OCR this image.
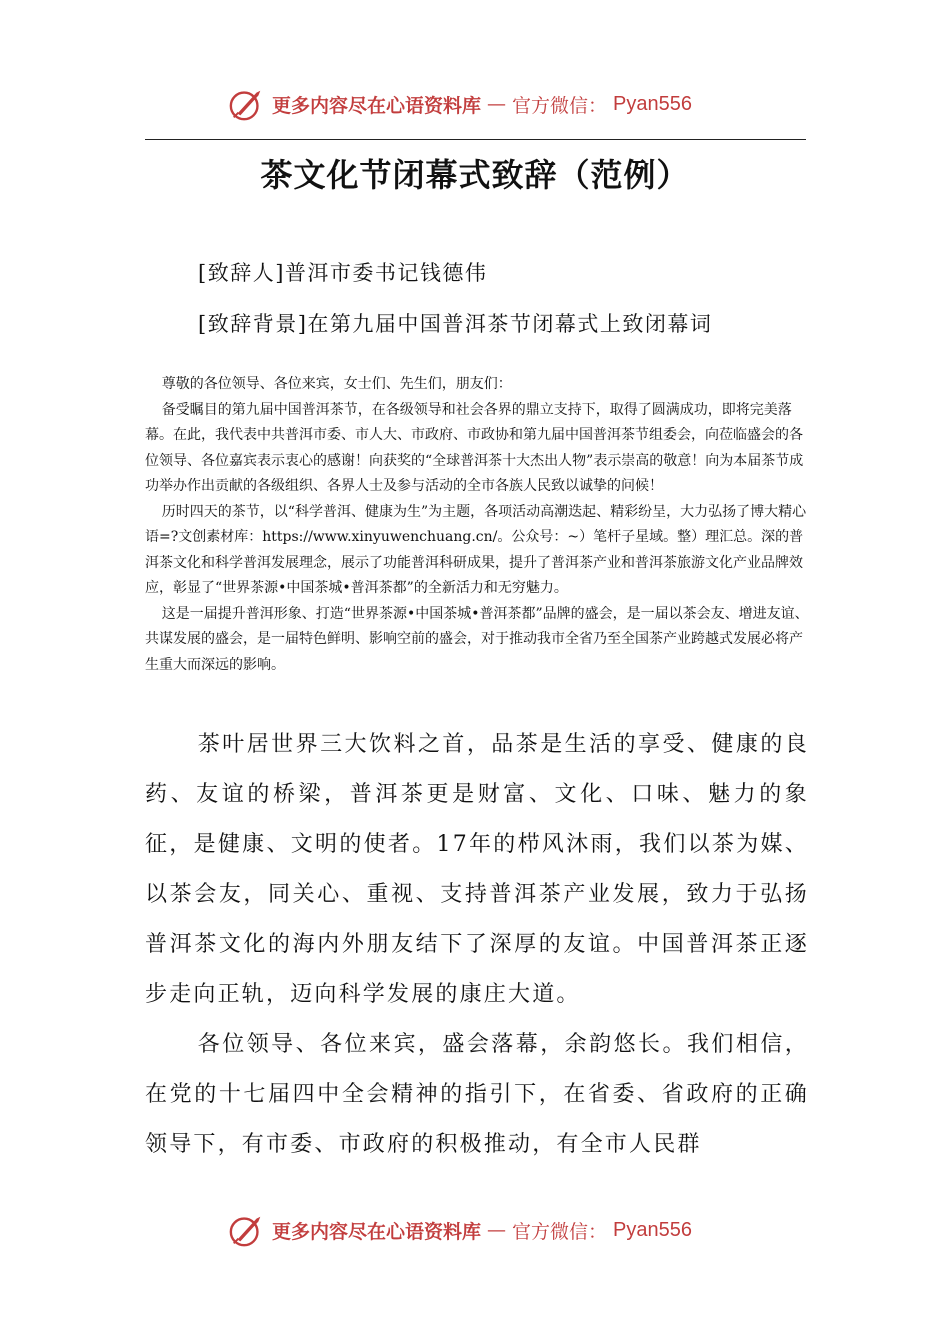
更多内容尽在心语资料库 — 官方微信： Pyan556
茶文化节闭幕式致辞（范例）
[致辞人]普洱市委书记钱德伟
[致辞背景]在第九届中国普洱茶节闭幕式上致闭幕词

尊敬的各位领导、各位来宾，女士们、先生们，朋友们：

备受瞩目的第九届中国普洱茶节，在各级领导和社会各界的鼎立支持下，取得了圆满成功，即将完美落幕。在此，我代表中共普洱市委、市人大、市政府、市政协和第九届中国普洱茶节组委会，向莅临盛会的各位领导、各位嘉宾表示衷心的感谢！向获奖的“全球普洱茶十大杰出人物”表示崇高的敬意！向为本届茶节成功举办作出贡献的各级组织、各界人士及参与活动的全市各族人民致以诚挚的问候！

历时四天的茶节，以“科学普洱、健康为生”为主题，各项活动高潮迭起、精彩纷呈，大力弘扬了博大精心语=?文创素材库：https://www.xinyuwenchuang.cn/。公众号：~）笔杆子星域。整）理汇总。深的普洱茶文化和科学普洱发展理念，展示了功能普洱科研成果，提升了普洱茶产业和普洱茶旅游文化产业品牌效应，彰显了“世界茶源•中国茶城•普洱茶都”的全新活力和无穷魅力。

这是一届提升普洱形象、打造“世界茶源•中国茶城•普洱茶都”品牌的盛会，是一届以茶会友、增进友谊、共谋发展的盛会，是一届特色鲜明、影响空前的盛会，对于推动我市全省乃至全国茶产业跨越式发展必将产生重大而深远的影响。

茶叶居世界三大饮料之首，品茶是生活的享受、健康的良药、友谊的桥梁，普洱茶更是财富、文化、口味、魅力的象征，是健康、文明的使者。17年的栉风沐雨，我们以茶为媒、以茶会友，同关心、重视、支持普洱茶产业发展，致力于弘扬普洱茶文化的海内外朋友结下了深厚的友谊。中国普洱茶正逐步走向正轨，迈向科学发展的康庄大道。

各位领导、各位来宾，盛会落幕，余韵悠长。我们相信，在党的十七届四中全会精神的指引下，在省委、省政府的正确领导下，有市委、市政府的积极推动，有全市人民群

更多内容尽在心语资料库 — 官方微信： Pyan556
